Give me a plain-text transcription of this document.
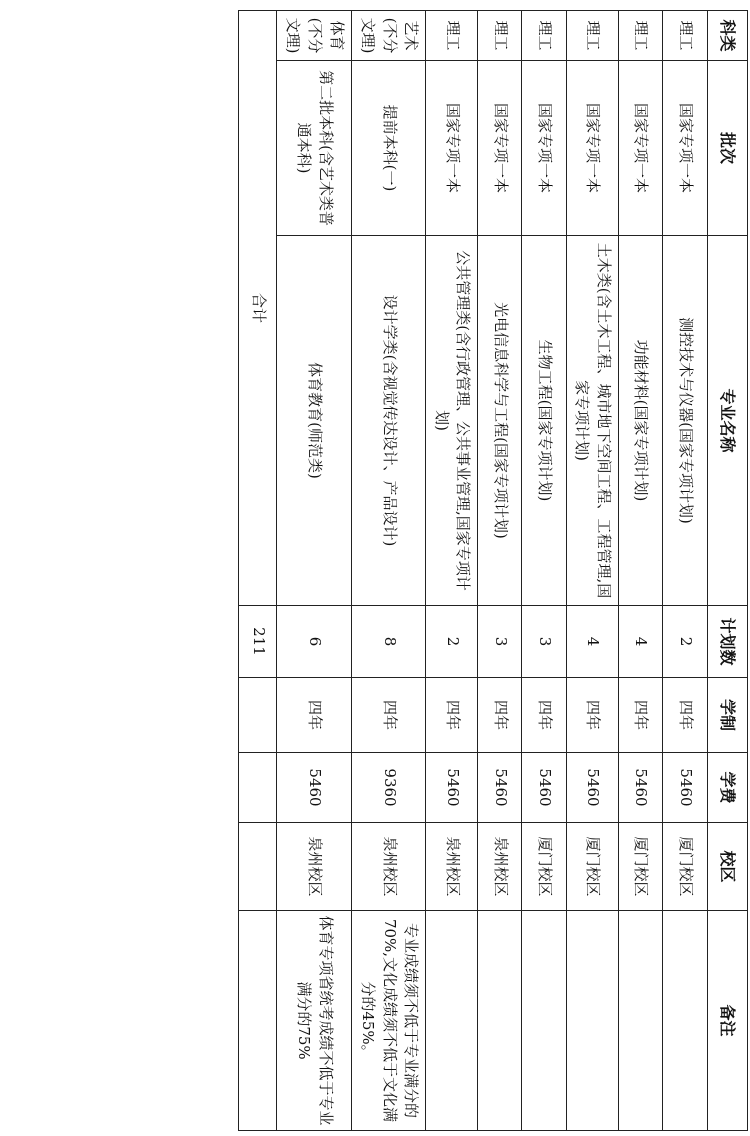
科类	批次	专业名称	计划数	学制	学费	校区	备注
理工	国家专项一本	测控技术与仪器(国家专项计划)	2	四年	5460	厦门校区	
理工	国家专项一本	功能材料(国家专项计划)	4	四年	5460	厦门校区	
理工	国家专项一本	土木类(含土木工程、城市地下空间工程、工程管理,国家专项计划)	4	四年	5460	厦门校区	
理工	国家专项一本	生物工程(国家专项计划)	3	四年	5460	厦门校区	
理工	国家专项一本	光电信息科学与工程(国家专项计划)	3	四年	5460	泉州校区	
理工	国家专项一本	公共管理类(含行政管理、公共事业管理,国家专项计划)	2	四年	5460	泉州校区	
艺术(不分文理)	提前本科(一)	设计学类(含视觉传达设计、产品设计)	8	四年	9360	泉州校区	专业成绩须不低于专业满分的70%,文化成绩须不低于文化满分的45%。
体育(不分文理)	第二批本科(含艺术类普通本科)	体育教育(师范类)	6	四年	5460	泉州校区	体育专项省统考成绩不低于专业满分的75%
合计			211				
